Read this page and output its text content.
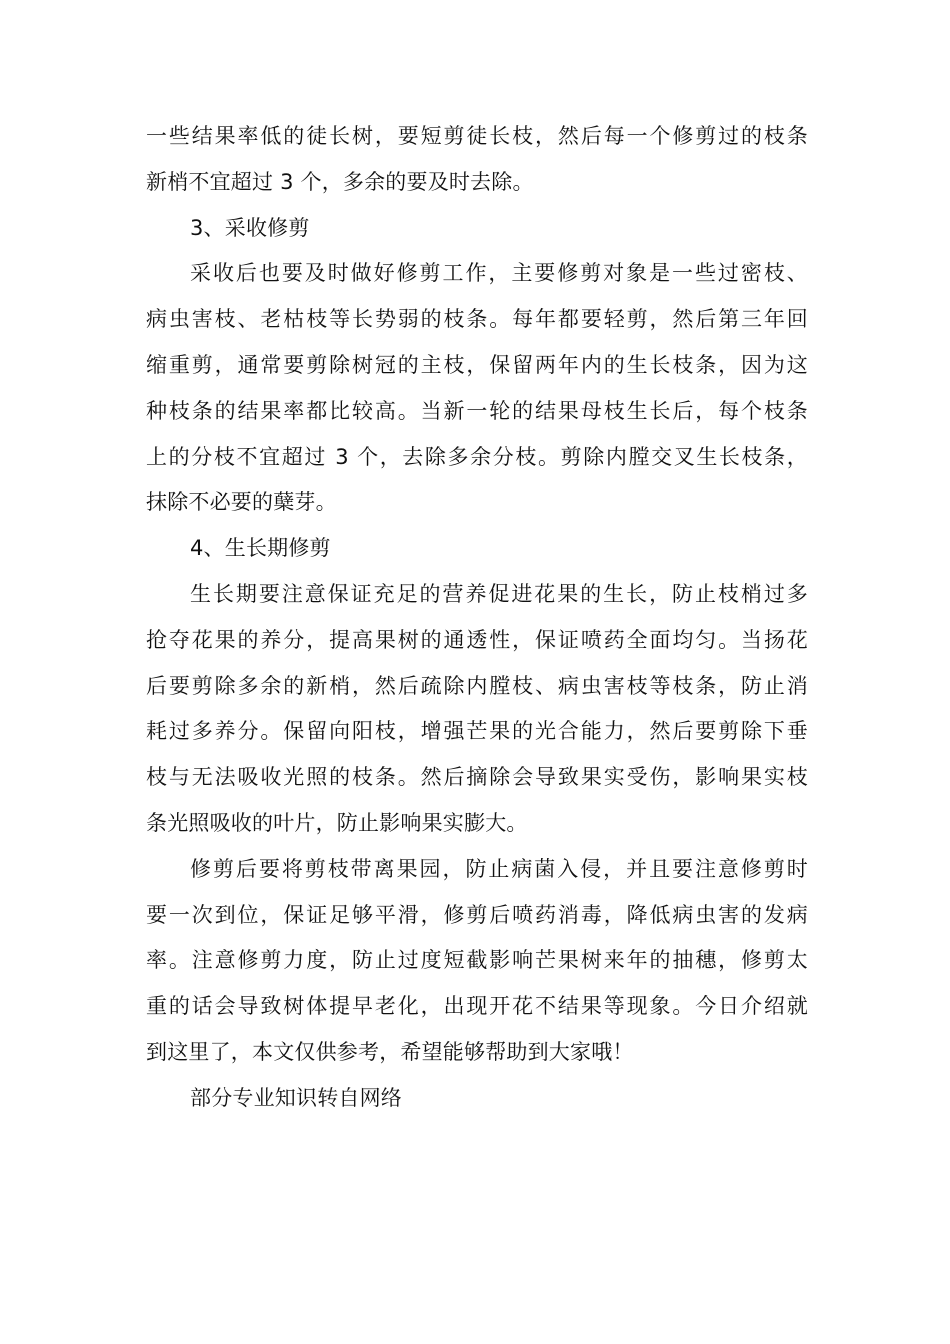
一些结果率低的徒长树，要短剪徒长枝，然后每一个修剪过的枝条
新梢不宜超过 3 个，多余的要及时去除。
3、采收修剪
采收后也要及时做好修剪工作，主要修剪对象是一些过密枝、
病虫害枝、老枯枝等长势弱的枝条。每年都要轻剪，然后第三年回
缩重剪，通常要剪除树冠的主枝，保留两年内的生长枝条，因为这
种枝条的结果率都比较高。当新一轮的结果母枝生长后，每个枝条
上的分枝不宜超过 3 个，去除多余分枝。剪除内膛交叉生长枝条，
抹除不必要的蘖芽。
4、生长期修剪
生长期要注意保证充足的营养促进花果的生长，防止枝梢过多
抢夺花果的养分，提高果树的通透性，保证喷药全面均匀。当扬花
后要剪除多余的新梢，然后疏除内膛枝、病虫害枝等枝条，防止消
耗过多养分。保留向阳枝，增强芒果的光合能力，然后要剪除下垂
枝与无法吸收光照的枝条。然后摘除会导致果实受伤，影响果实枝
条光照吸收的叶片，防止影响果实膨大。
修剪后要将剪枝带离果园，防止病菌入侵，并且要注意修剪时
要一次到位，保证足够平滑，修剪后喷药消毒，降低病虫害的发病
率。注意修剪力度，防止过度短截影响芒果树来年的抽穗，修剪太
重的话会导致树体提早老化，出现开花不结果等现象。今日介绍就
到这里了，本文仅供参考，希望能够帮助到大家哦！
部分专业知识转自网络
